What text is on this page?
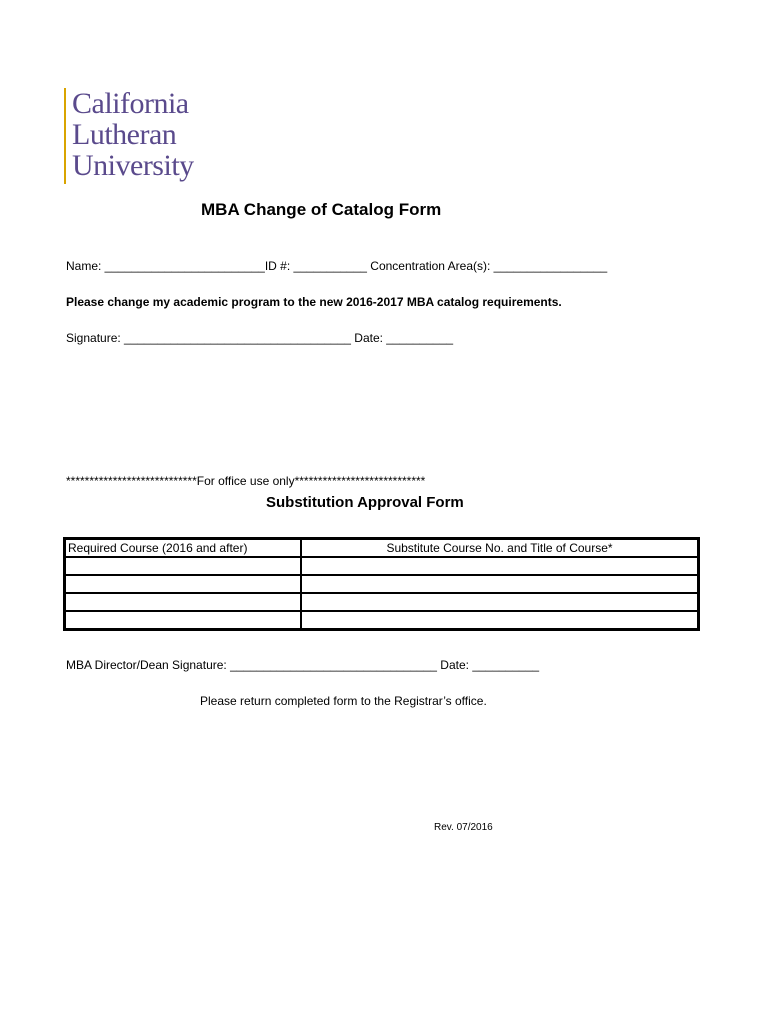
California
Lutheran
University
MBA Change of Catalog Form
Name: ________________________ID #: ___________ Concentration Area(s): _________________
Please change my academic program to the new 2016-2017 MBA catalog requirements.
Signature: __________________________________ Date: __________
****************************For office use only****************************
Substitution Approval Form
Required Course (2016 and after)	Substitute Course No. and Title of Course*

MBA Director/Dean Signature: _______________________________ Date: __________
Please return completed form to the Registrar’s office.
Rev. 07/2016
